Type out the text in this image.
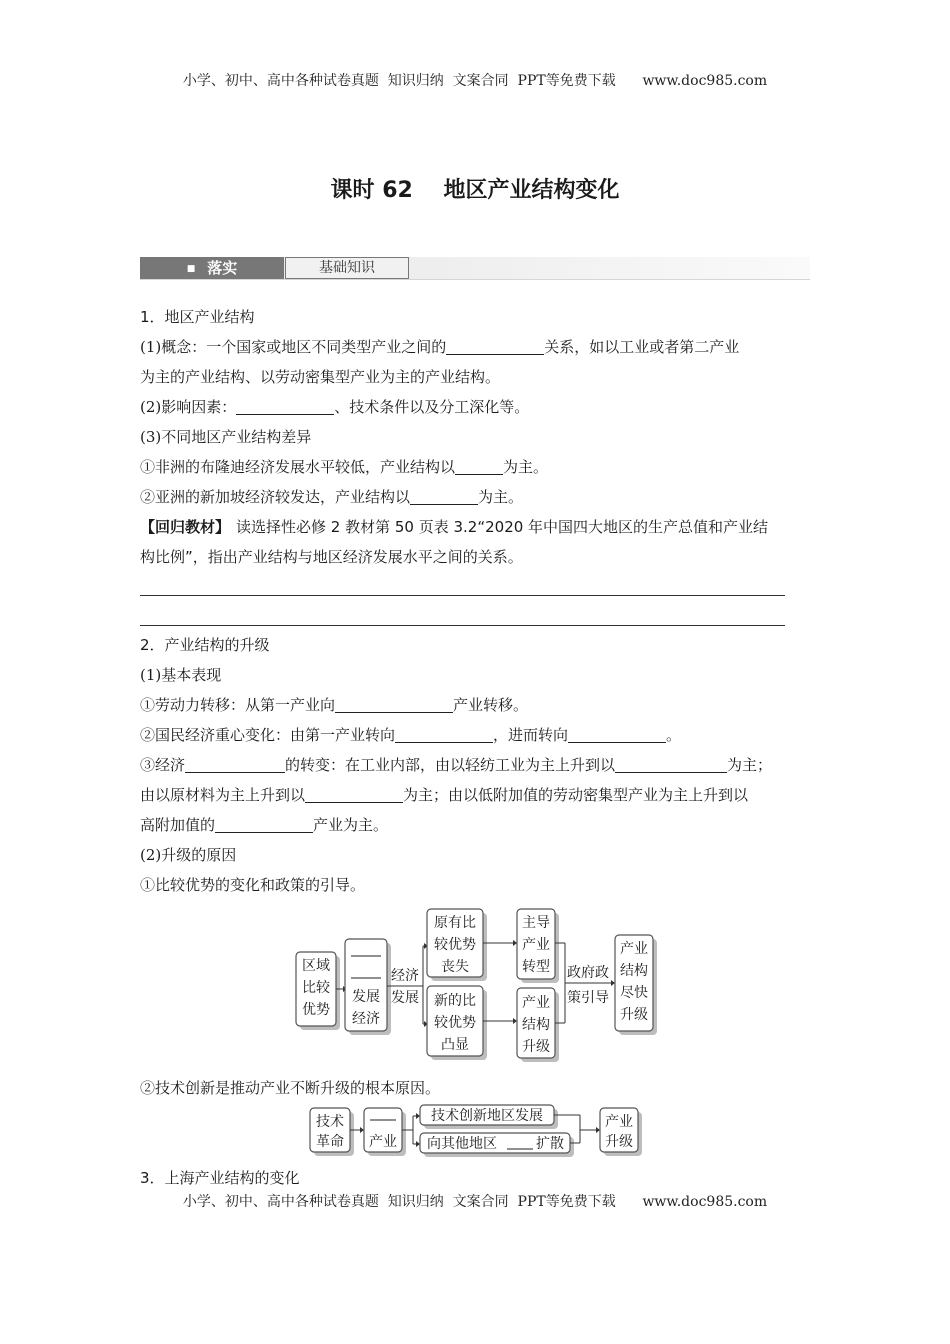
小学、初中、高中各种试卷真题  知识归纳  文案合同  PPT等免费下载      www.doc985.com
课时 62    地区产业结构变化
■ 落实	基础知识
1．地区产业结构
(1)概念：一个国家或地区不同类型产业之间的	关系，如以工业或者第二产业
为主的产业结构、以劳动密集型产业为主的产业结构。
(2)影响因素：	、技术条件以及分工深化等。
(3)不同地区产业结构差异
①非洲的布隆迪经济发展水平较低，产业结构以	为主。
②亚洲的新加坡经济较发达，产业结构以	为主。
【回归教材】 读选择性必修 2 教材第 50 页表 3.2“2020 年中国四大地区的生产总值和产业结
构比例”，指出产业结构与地区经济发展水平之间的关系。
2．产业结构的升级
(1)基本表现
①劳动力转移：从第一产业向	产业转移。
②国民经济重心变化：由第一产业转向	，进而转向	。
③经济	的转变：在工业内部，由以轻纺工业为主上升到以	为主；
由以原材料为主上升到以	为主；由以低附加值的劳动密集型产业为主上升到以
高附加值的	产业为主。
(2)升级的原因
①比较优势的变化和政策的引导。
区域
比较
优势
发展
经济
经济
发展
原有比
较优势
丧失
新的比
较优势
凸显
主导
产业
转型
产业
结构
升级
政府政
策引导
产业
结构
尽快
升级
②技术创新是推动产业不断升级的根本原因。
技术
革命 产业
技术创新地区发展
向其他地区	扩散
产业
升级
3．上海产业结构的变化
小学、初中、高中各种试卷真题  知识归纳  文案合同  PPT等免费下载      www.doc985.com
